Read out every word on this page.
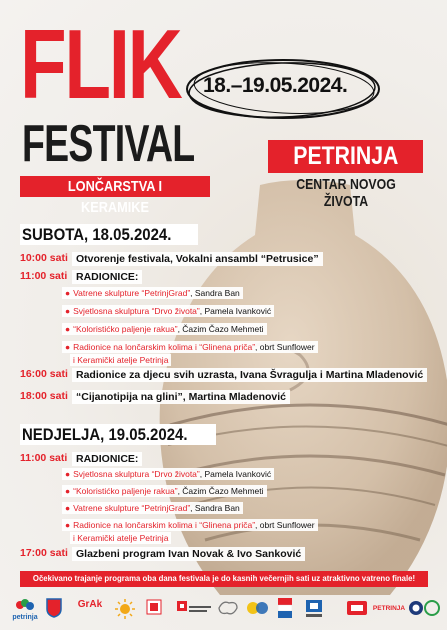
FLIK
FESTIVAL
LONČARSTVA I KERAMIKE
18.–19.05.2024.
PETRINJA
CENTAR NOVOG ŽIVOTA
SUBOTA, 18.05.2024.
10:00 sati Otvorenje festivala, Vokalni ansambl “Petrusice”
11:00 sati RADIONICE:
● Vatrene skulpture “PetrinjGrad”, Sandra Ban
● Svjetlosna skulptura “Drvo života”, Pamela Ivanković
● “Koloristićko paljenje rakua”, Čazim Čazo Mehmeti
● Radionice na lončarskim kolima i “Glinena priča”, obrt Sunflower
i Keramički atelje Petrinja
16:00 sati Radionice za djecu svih uzrasta, Ivana Švragulja i Martina Mladenović
18:00 sati “Cijanotipija na glini”, Martina Mladenović
NEDJELJA, 19.05.2024.
11:00 sati RADIONICE:
● Svjetlosna skulptura “Drvo života”, Pamela Ivanković
● “Koloristićko paljenje rakua”, Čazim Čazo Mehmeti
● Vatrene skulpture “PetrinjGrad”, Sandra Ban
● Radionice na lončarskim kolima i “Glinena priča”, obrt Sunflower
i Keramički atelje Petrinja
17:00 sati Glazbeni program Ivan Novak & Ivo Sanković
Očekivano trajanje programa oba dana festivala je do kasnih večernjih sati uz atraktivno vatreno finale!
petrinja
GrAk	PETRINJA
